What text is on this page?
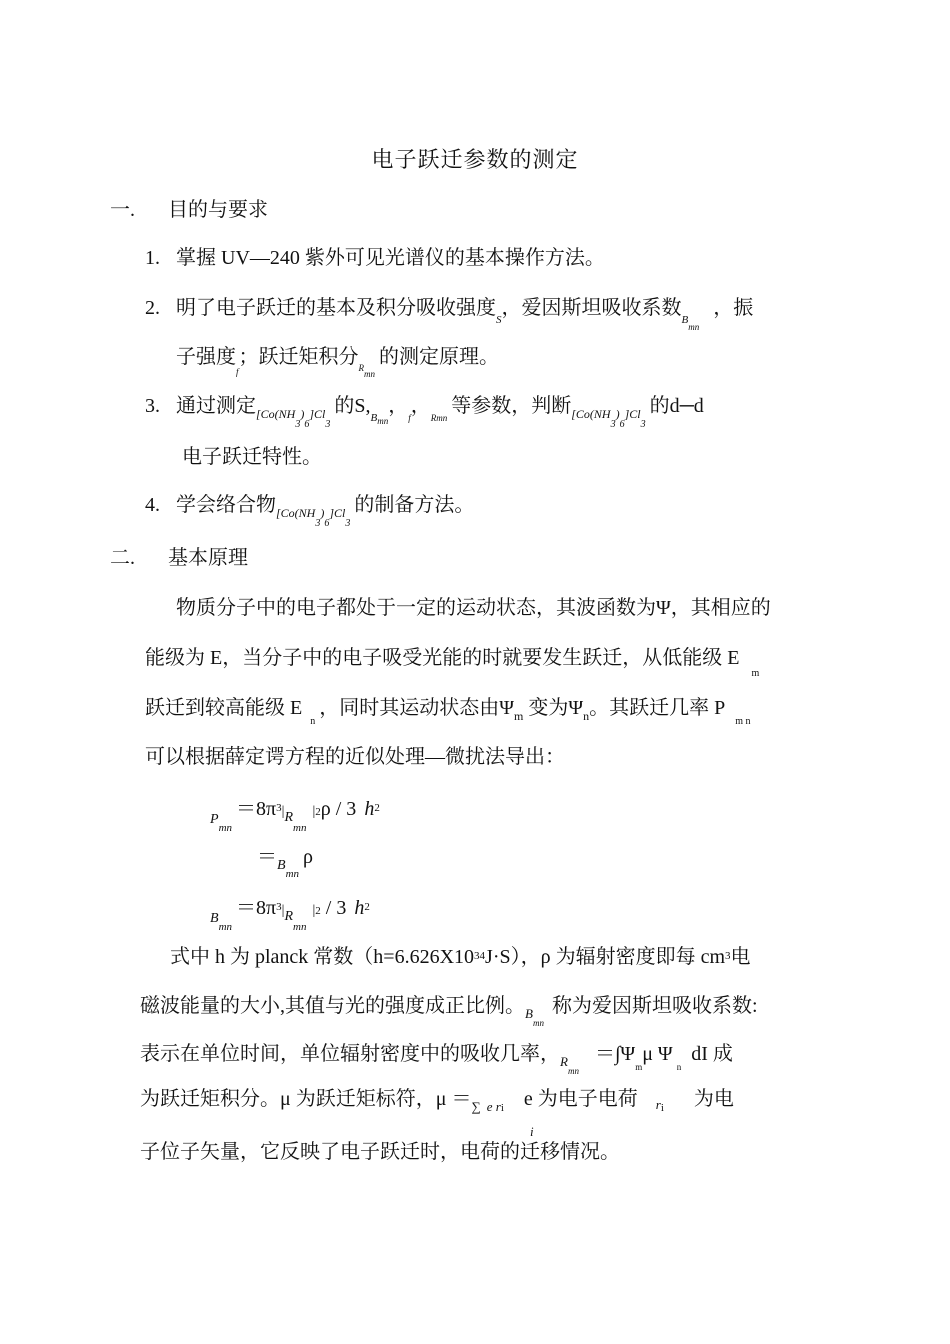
电子跃迁参数的测定
一. 目的与要求
1. 掌握 UV—240 紫外可见光谱仪的基本操作方法。
2. 明了电子跃迁的基本及积分吸收强度$_S$，爱因斯坦吸收系数$_{Bmn}$，振
子强度$_f$；跃迁矩积分$_{Rmn}$的测定原理。
3. 通过测定$_{[Co(NH_3)_6]Cl_3}$的$S,_{Bmn}$，$_f$，$_{Rmn}$等参数，判断$_{[Co(NH_3)_6]Cl_3}$的d─d
电子跃迁特性。
4. 学会络合物$_{[Co(NH_3)_6]Cl_3}$的制备方法。
二. 基本原理
物质分子中的电子都处于一定的运动状态，其波函数为Ψ，其相应的
能级为 E，当分子中的电子吸受光能的时就要发生跃迁，从低能级 $E_m$
跃迁到较高能级 $E_n$，同时其运动状态由$\Psi_m$ 变为$\Psi_n$。其跃迁几率 $P_{m n}$
可以根据薛定谔方程的近似处理—微扰法导出：
$_{Pmn}=8\pi^3|_{Rmn}|2\rho / 3$ $h^2$
$=_{Bmn}\rho$
$_{Bmn}=8\pi^3|_{Rmn}|2 / 3$ $h^2$
式中 h 为 planck 常数$(h=6.626X10^{34}J\cdot S)$，ρ 为辐射密度即每 $cm^3$电
磁波能量的大小,其值与光的强度成正比例。$_{Bmn}$称为爱因斯坦吸收系数:
表示在单位时间，单位辐射密度中的吸收几率，$_{Rmn}=\int\Psi_m\mu$ $\Psi_ndI$ 成
为跃迁矩积分。μ 为跃迁矩标符，$\mu =_\sum$ $_{e ri}$ e 为电子电荷 $_{ri}$ 为电
i
子位子矢量，它反映了电子跃迁时，电荷的迁移情况。
